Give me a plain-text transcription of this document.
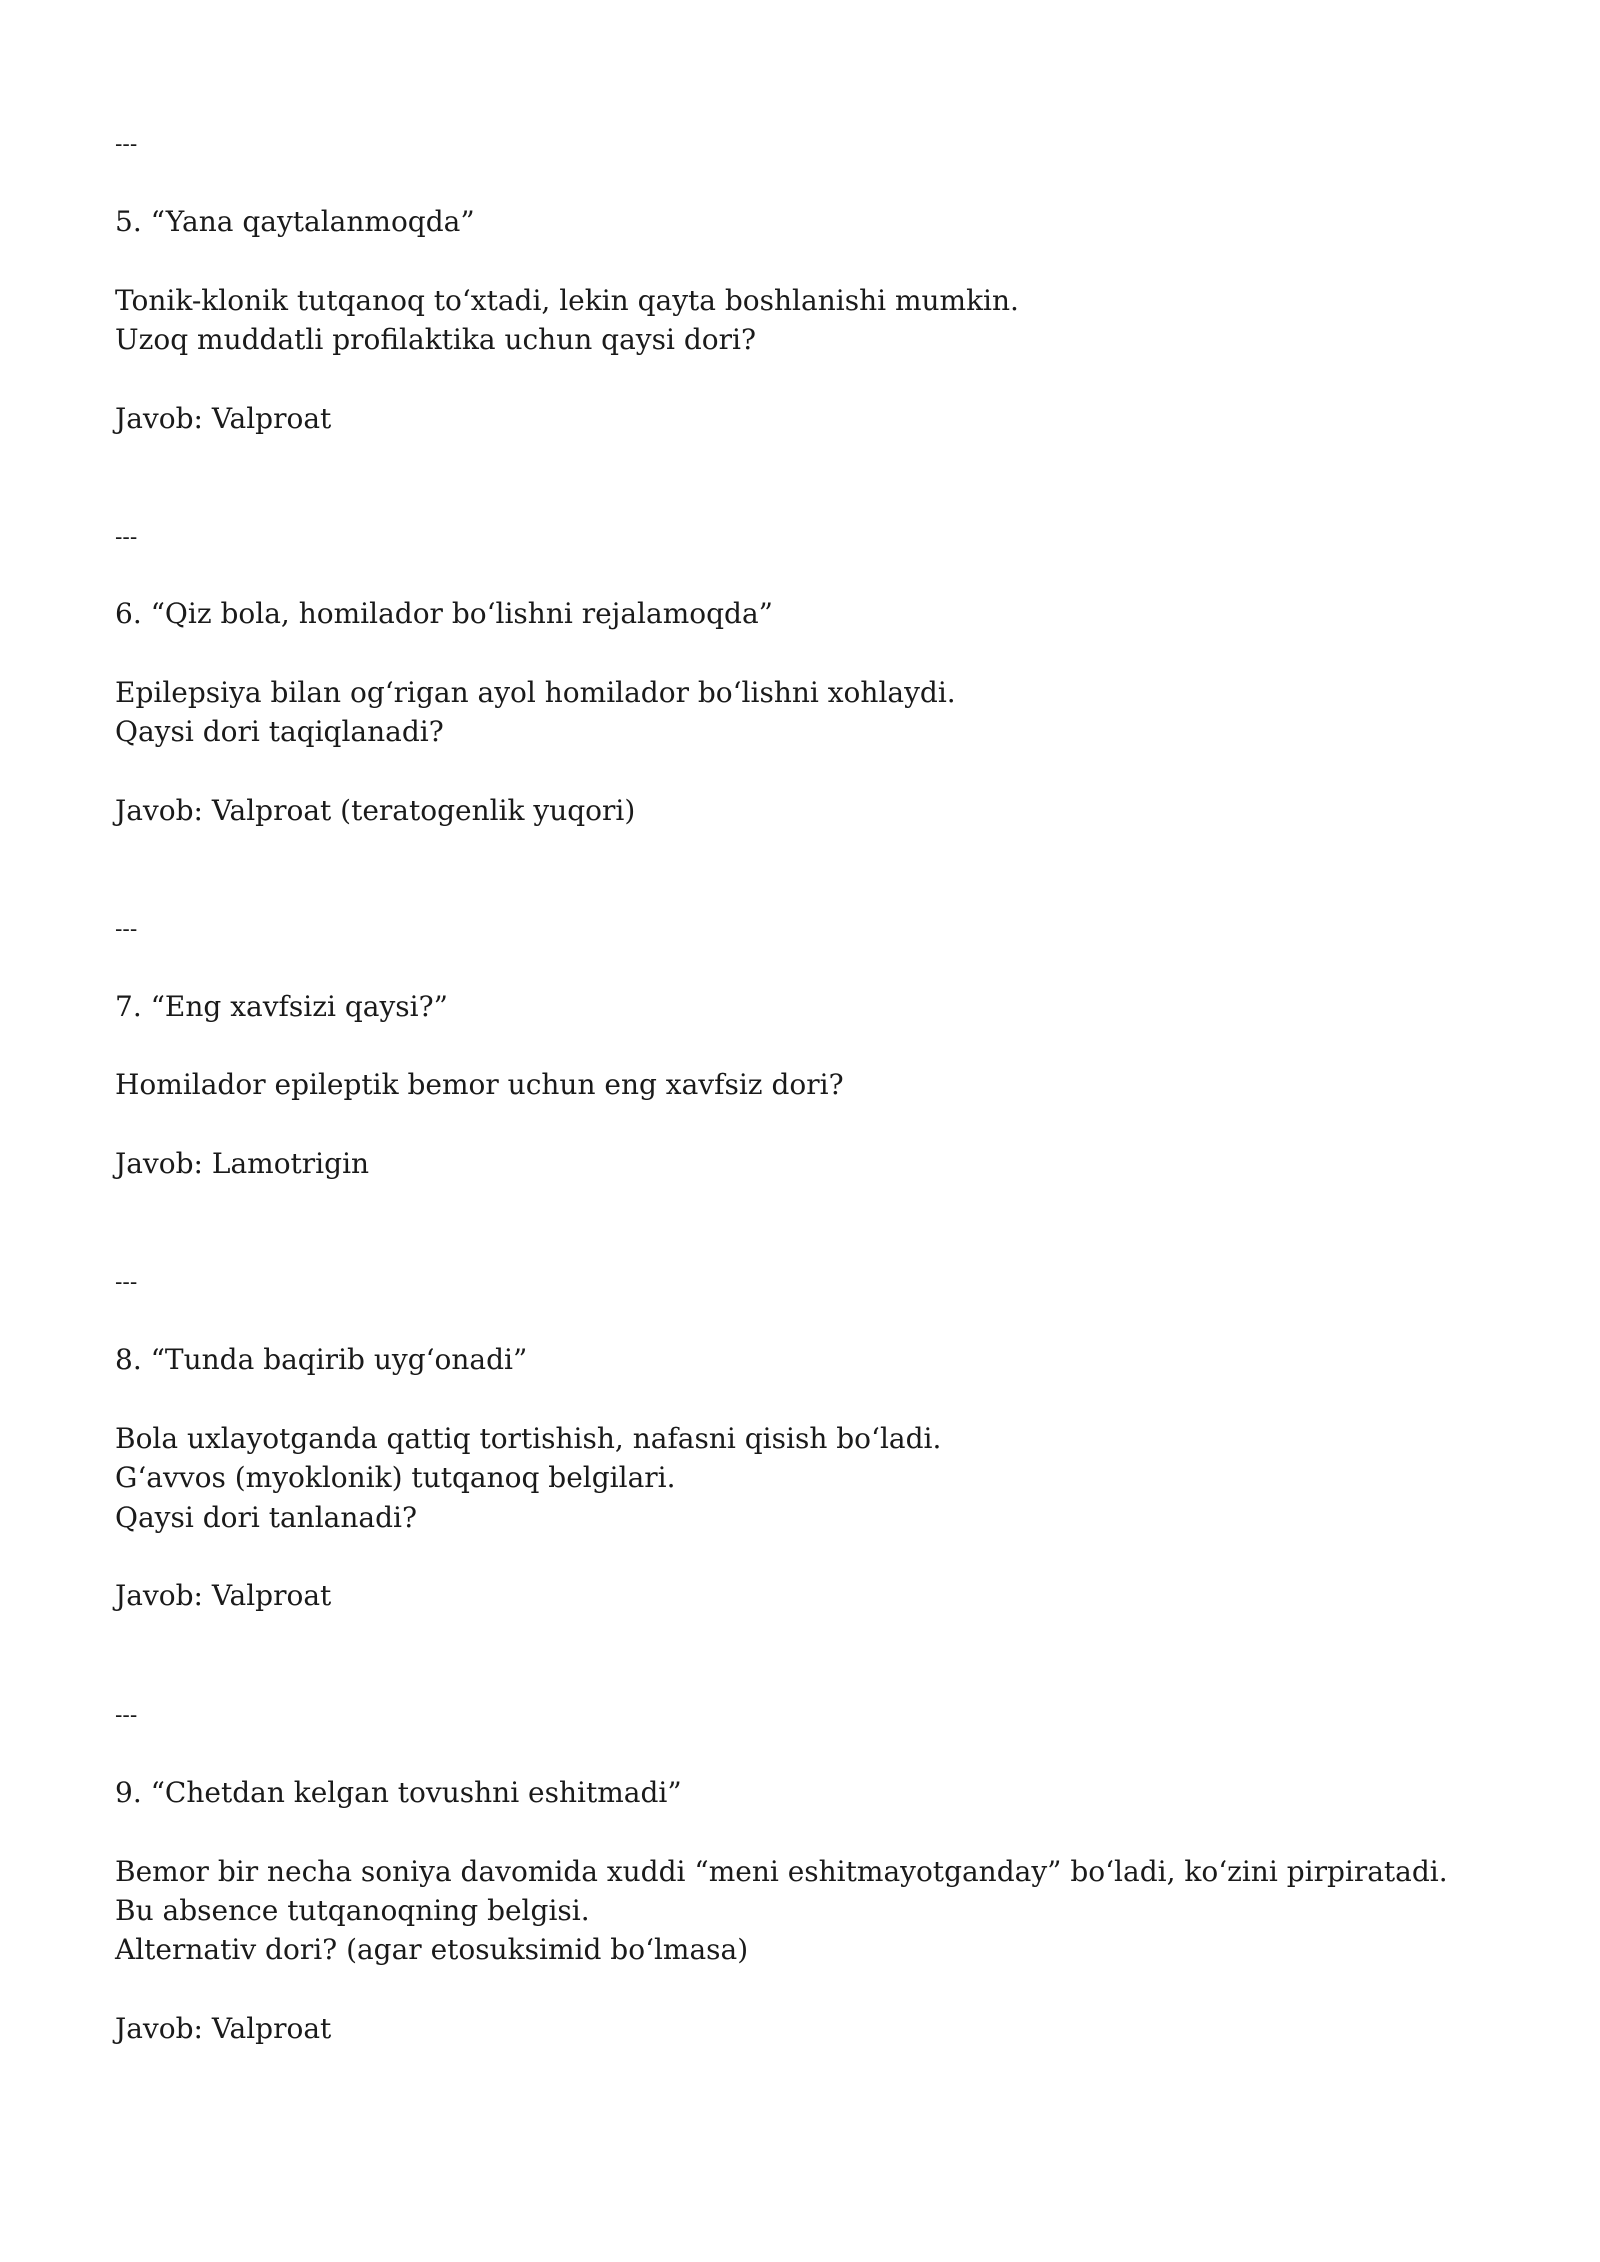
---
5. “Yana qaytalanmoqda”
Tonik-klonik tutqanoq toʻxtadi, lekin qayta boshlanishi mumkin.
Uzoq muddatli profilaktika uchun qaysi dori?
Javob: Valproat
---
6. “Qiz bola, homilador boʻlishni rejalamoqda”
Epilepsiya bilan ogʻrigan ayol homilador boʻlishni xohlaydi.
Qaysi dori taqiqlanadi?
Javob: Valproat (teratogenlik yuqori)
---
7. “Eng xavfsizi qaysi?”
Homilador epileptik bemor uchun eng xavfsiz dori?
Javob: Lamotrigin
---
8. “Tunda baqirib uygʻonadi”
Bola uxlayotganda qattiq tortishish, nafasni qisish boʻladi.
Gʻavvos (myoklonik) tutqanoq belgilari.
Qaysi dori tanlanadi?
Javob: Valproat
---
9. “Chetdan kelgan tovushni eshitmadi”
Bemor bir necha soniya davomida xuddi “meni eshitmayotganday” boʻladi, koʻzini pirpiratadi.
Bu absence tutqanoqning belgisi.
Alternativ dori? (agar etosuksimid boʻlmasa)
Javob: Valproat
